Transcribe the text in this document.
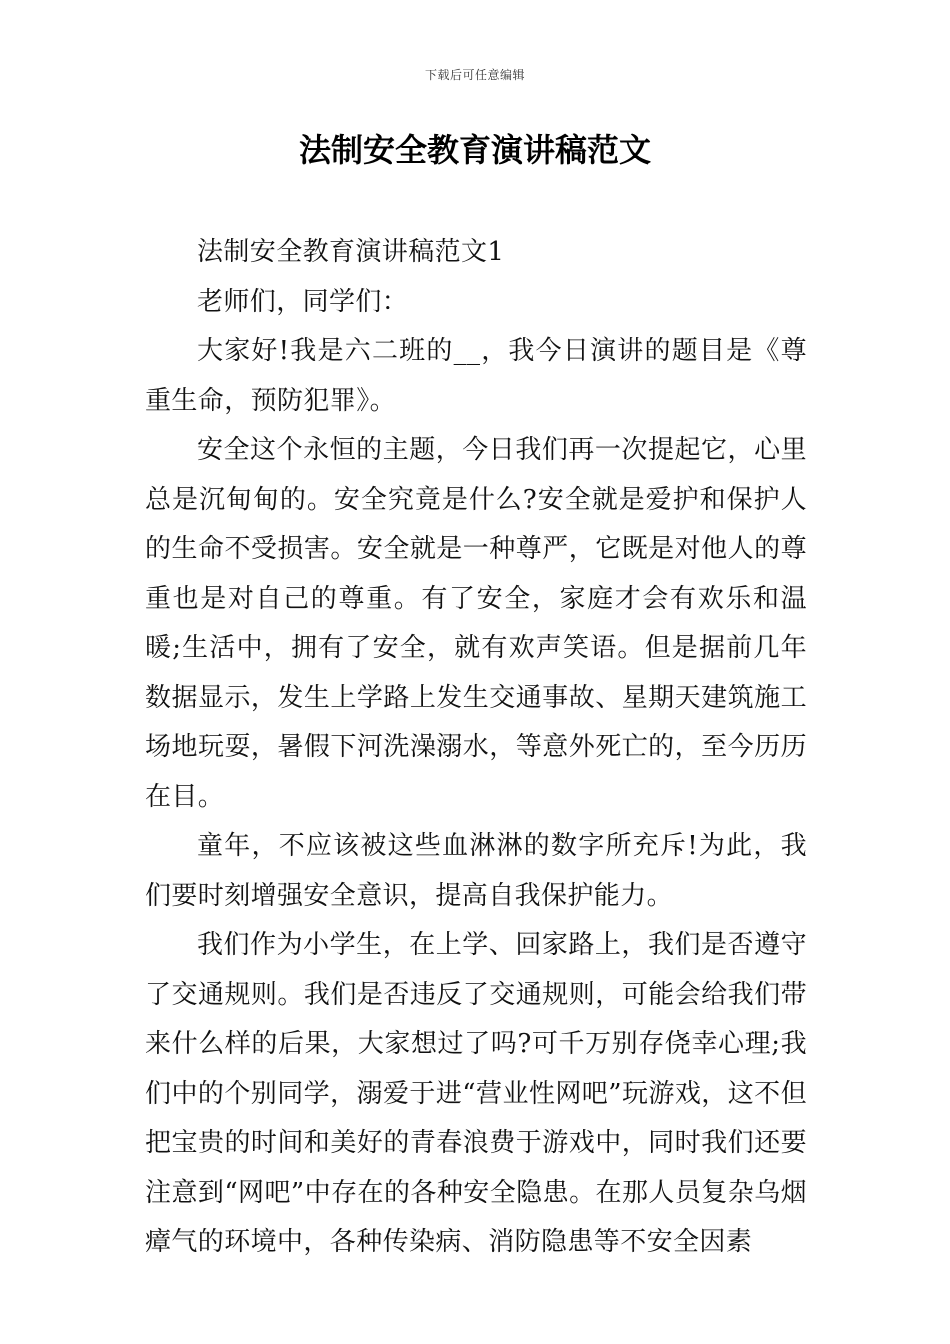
下载后可任意编辑
法制安全教育演讲稿范文

法制安全教育演讲稿范文1

老师们，同学们：

大家好!我是六二班的__，我今日演讲的题目是《尊重生命，预防犯罪》。

安全这个永恒的主题，今日我们再一次提起它，心里总是沉甸甸的。安全究竟是什么?安全就是爱护和保护人的生命不受损害。安全就是一种尊严，它既是对他人的尊重也是对自己的尊重。有了安全，家庭才会有欢乐和温暖;生活中，拥有了安全，就有欢声笑语。但是据前几年数据显示，发生上学路上发生交通事故、星期天建筑施工场地玩耍，暑假下河洗澡溺水，等意外死亡的，至今历历在目。

童年，不应该被这些血淋淋的数字所充斥!为此，我们要时刻增强安全意识，提高自我保护能力。

我们作为小学生，在上学、回家路上，我们是否遵守了交通规则。我们是否违反了交通规则，可能会给我们带来什么样的后果，大家想过了吗?可千万别存侥幸心理;我们中的个别同学，溺爱于进“营业性网吧”玩游戏，这不但把宝贵的时间和美好的青春浪费于游戏中，同时我们还要注意到“网吧”中存在的各种安全隐患。在那人员复杂乌烟瘴气的环境中，各种传染病、消防隐患等不安全因素
